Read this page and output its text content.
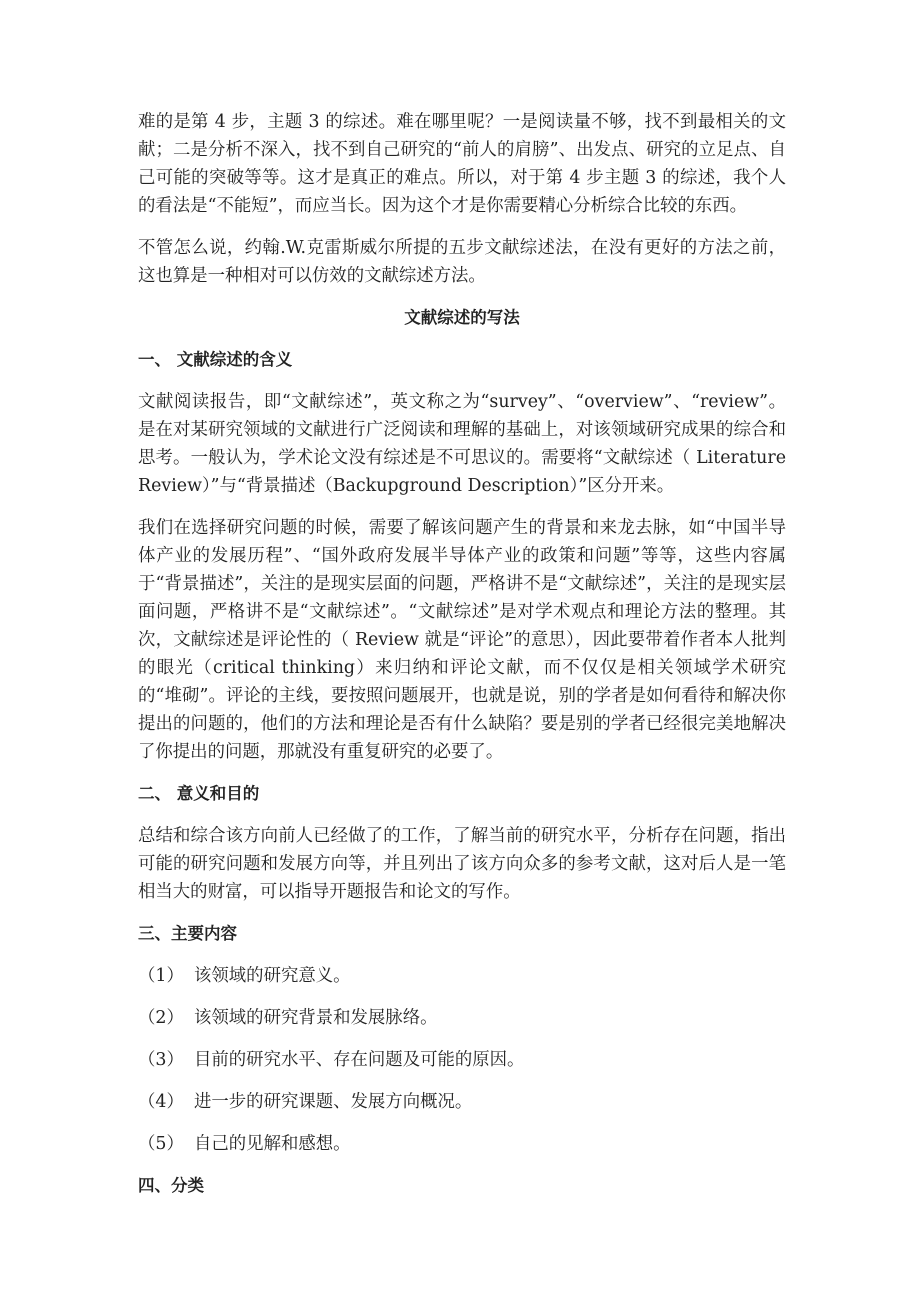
难的是第 4 步，主题 3 的综述。难在哪里呢？一是阅读量不够，找不到最相关的文献；二是分析不深入，找不到自己研究的“前人的肩膀”、出发点、研究的立足点、自己可能的突破等等。这才是真正的难点。所以，对于第 4 步主题 3 的综述，我个人的看法是“不能短”，而应当长。因为这个才是你需要精心分析综合比较的东西。

不管怎么说，约翰.W.克雷斯威尔所提的五步文献综述法，在没有更好的方法之前，这也算是一种相对可以仿效的文献综述方法。

文献综述的写法
一、 文献综述的含义

文献阅读报告，即“文献综述”，英文称之为“survey”、“overview”、“review”。是在对某研究领域的文献进行广泛阅读和理解的基础上，对该领域研究成果的综合和思考。一般认为，学术论文没有综述是不可思议的。需要将“文献综述（ Literature Review）”与“背景描述（Backupground Description）”区分开来。

我们在选择研究问题的时候，需要了解该问题产生的背景和来龙去脉，如“中国半导体产业的发展历程”、“国外政府发展半导体产业的政策和问题”等等，这些内容属于“背景描述”，关注的是现实层面的问题，严格讲不是“文献综述”，关注的是现实层面问题，严格讲不是“文献综述”。“文献综述”是对学术观点和理论方法的整理。其次，文献综述是评论性的（ Review 就是“评论”的意思），因此要带着作者本人批判的眼光（critical thinking）来归纳和评论文献，而不仅仅是相关领域学术研究的“堆砌”。评论的主线，要按照问题展开，也就是说，别的学者是如何看待和解决你提出的问题的，他们的方法和理论是否有什么缺陷？要是别的学者已经很完美地解决了你提出的问题，那就没有重复研究的必要了。

二、 意义和目的

总结和综合该方向前人已经做了的工作，了解当前的研究水平，分析存在问题，指出可能的研究问题和发展方向等，并且列出了该方向众多的参考文献，这对后人是一笔相当大的财富，可以指导开题报告和论文的写作。

三、主要内容
（1） 该领域的研究意义。
（2） 该领域的研究背景和发展脉络。
（3） 目前的研究水平、存在问题及可能的原因。
（4） 进一步的研究课题、发展方向概况。
（5） 自己的见解和感想。
四、分类
